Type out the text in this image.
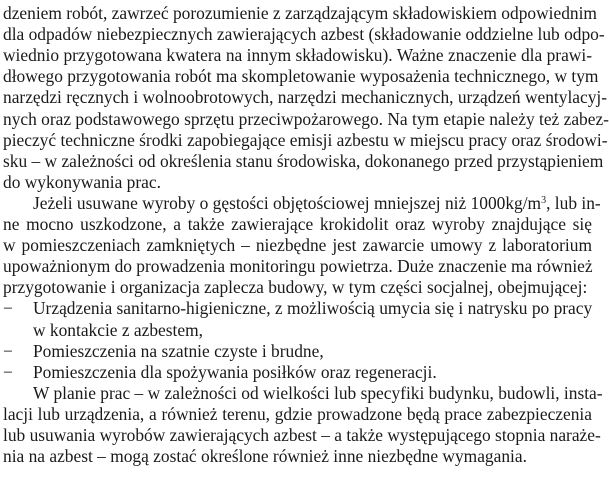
dzeniem robót, zawrzeć porozumienie z zarządzającym składowiskiem odpowiednim
dla odpadów niebezpiecznych zawierających azbest (składowanie oddzielne lub odpo-
wiednio przygotowana kwatera na innym składowisku). Ważne znaczenie dla prawi-
dłowego przygotowania robót ma skompletowanie wyposażenia technicznego, w tym
narzędzi ręcznych i wolnoobrotowych, narzędzi mechanicznych, urządzeń wentylacyj-
nych oraz podstawowego sprzętu przeciwpożarowego. Na tym etapie należy też zabez-
pieczyć techniczne środki zapobiegające emisji azbestu w miejscu pracy oraz środowi-
sku – w zależności od określenia stanu środowiska, dokonanego przed przystąpieniem
do wykonywania prac.
Jeżeli usuwane wyroby o gęstości objętościowej mniejszej niż $1000kg/m^3$, lub in-
ne mocno uszkodzone, a także zawierające krokidolit oraz wyroby znajdujące się
w pomieszczeniach zamkniętych – niezbędne jest zawarcie umowy z laboratorium
upoważnionym do prowadzenia monitoringu powietrza. Duże znaczenie ma również
przygotowanie i organizacja zaplecza budowy, w tym części socjalnej, obejmującej:
− Urządzenia sanitarno-higieniczne, z możliwością umycia się i natrysku po pracy
w kontakcie z azbestem,
− Pomieszczenia na szatnie czyste i brudne,
− Pomieszczenia dla spożywania posiłków oraz regeneracji.
W planie prac – w zależności od wielkości lub specyfiki budynku, budowli, insta-
lacji lub urządzenia, a również terenu, gdzie prowadzone będą prace zabezpieczenia
lub usuwania wyrobów zawierających azbest – a także występującego stopnia naraże-
nia na azbest – mogą zostać określone również inne niezbędne wymagania.
